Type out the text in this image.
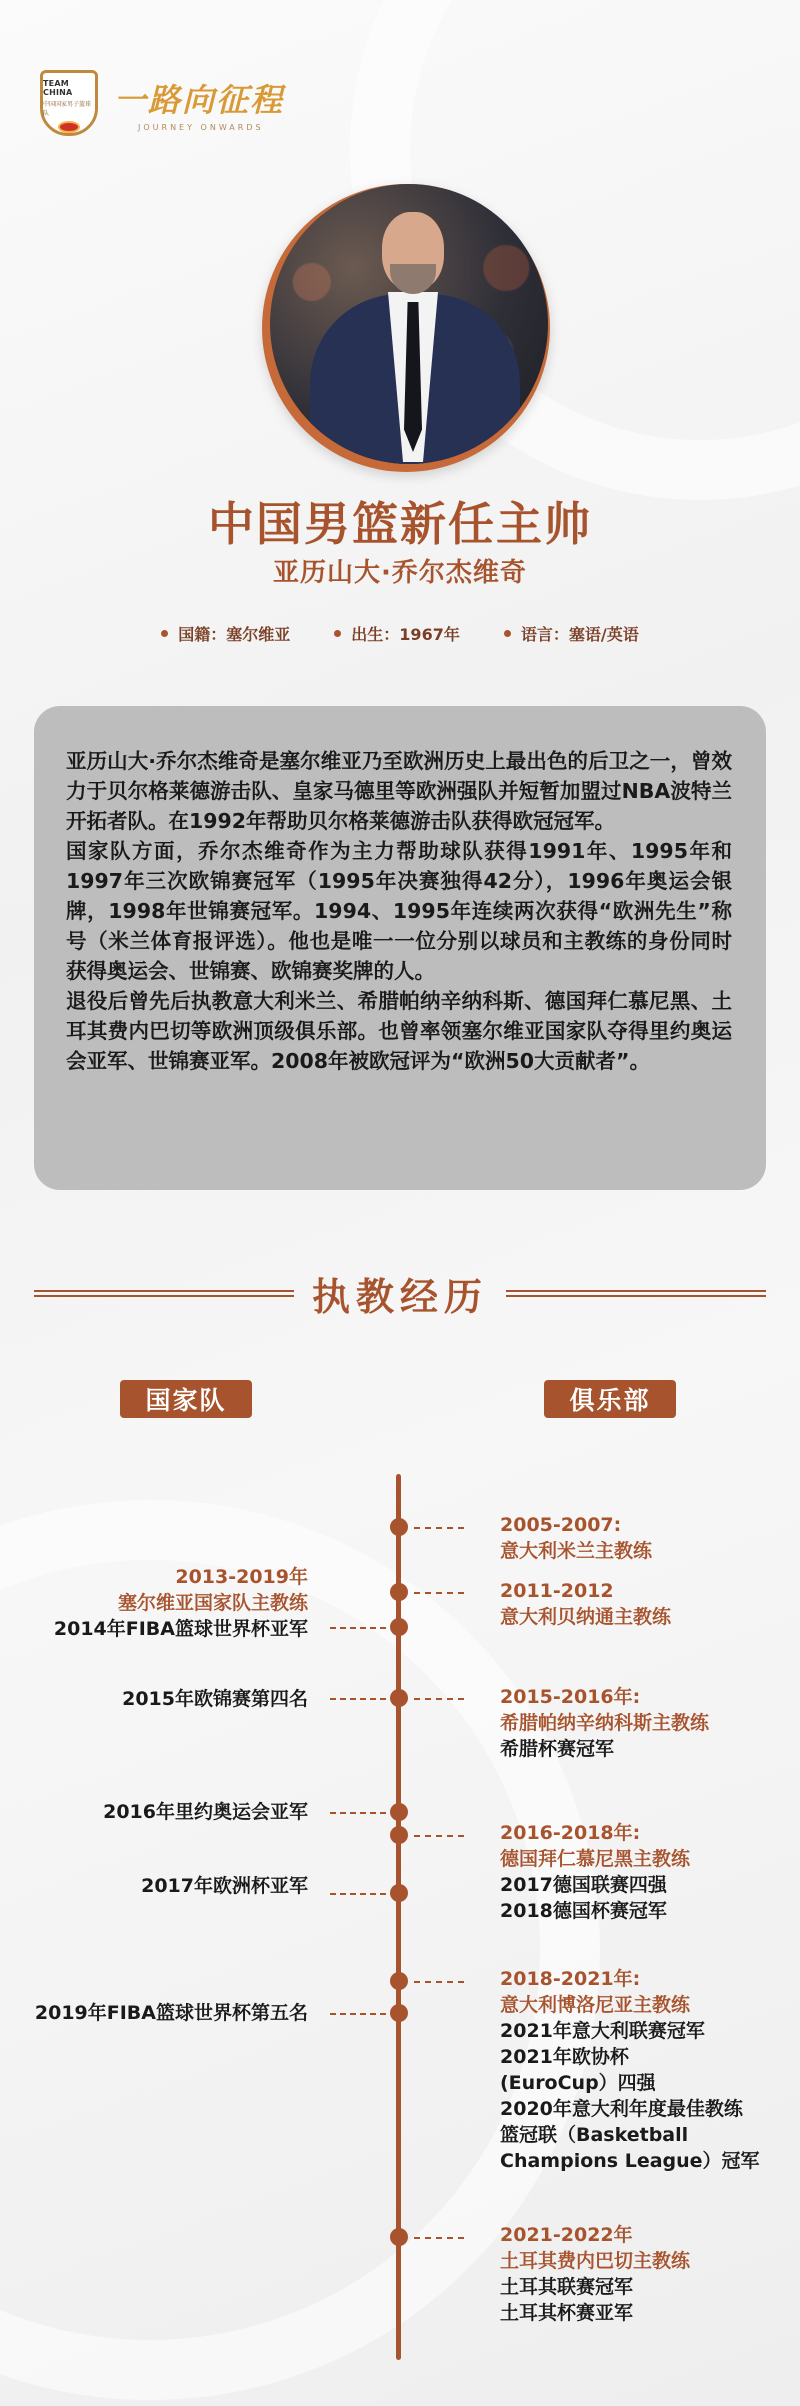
TEAM CHINA
中国国家男子篮球队	一路向征程
JOURNEY ONWARDS
中国男篮新任主帅
亚历山大·乔尔杰维奇
国籍：塞尔维亚	出生：1967年	语言：塞语/英语

亚历山大·乔尔杰维奇是塞尔维亚乃至欧洲历史上最出色的后卫之一，曾效力于贝尔格莱德游击队、皇家马德里等欧洲强队并短暂加盟过NBA波特兰开拓者队。在1992年帮助贝尔格莱德游击队获得欧冠冠军。

国家队方面，乔尔杰维奇作为主力帮助球队获得1991年、1995年和1997年三次欧锦赛冠军（1995年决赛独得42分），1996年奥运会银牌，1998年世锦赛冠军。1994、1995年连续两次获得“欧洲先生”称号（米兰体育报评选）。他也是唯一一位分别以球员和主教练的身份同时获得奥运会、世锦赛、欧锦赛奖牌的人。

退役后曾先后执教意大利米兰、希腊帕纳辛纳科斯、德国拜仁慕尼黑、土耳其费内巴切等欧洲顶级俱乐部。也曾率领塞尔维亚国家队夺得里约奥运会亚军、世锦赛亚军。2008年被欧冠评为“欧洲50大贡献者”。

执教经历
国家队	俱乐部
2013-2019年
塞尔维亚国家队主教练
2014年FIBA篮球世界杯亚军
2015年欧锦赛第四名
2016年里约奥运会亚军
2017年欧洲杯亚军
2019年FIBA篮球世界杯第五名
2005-2007:
意大利米兰主教练
2011-2012
意大利贝纳通主教练
2015-2016年:
希腊帕纳辛纳科斯主教练
希腊杯赛冠军
2016-2018年:
德国拜仁慕尼黑主教练
2017德国联赛四强
2018德国杯赛冠军
2018-2021年:
意大利博洛尼亚主教练
2021年意大利联赛冠军
2021年欧协杯
(EuroCup）四强
2020年意大利年度最佳教练
篮冠联（Basketball
Champions League）冠军
2021-2022年
土耳其费内巴切主教练
土耳其联赛冠军
土耳其杯赛亚军
